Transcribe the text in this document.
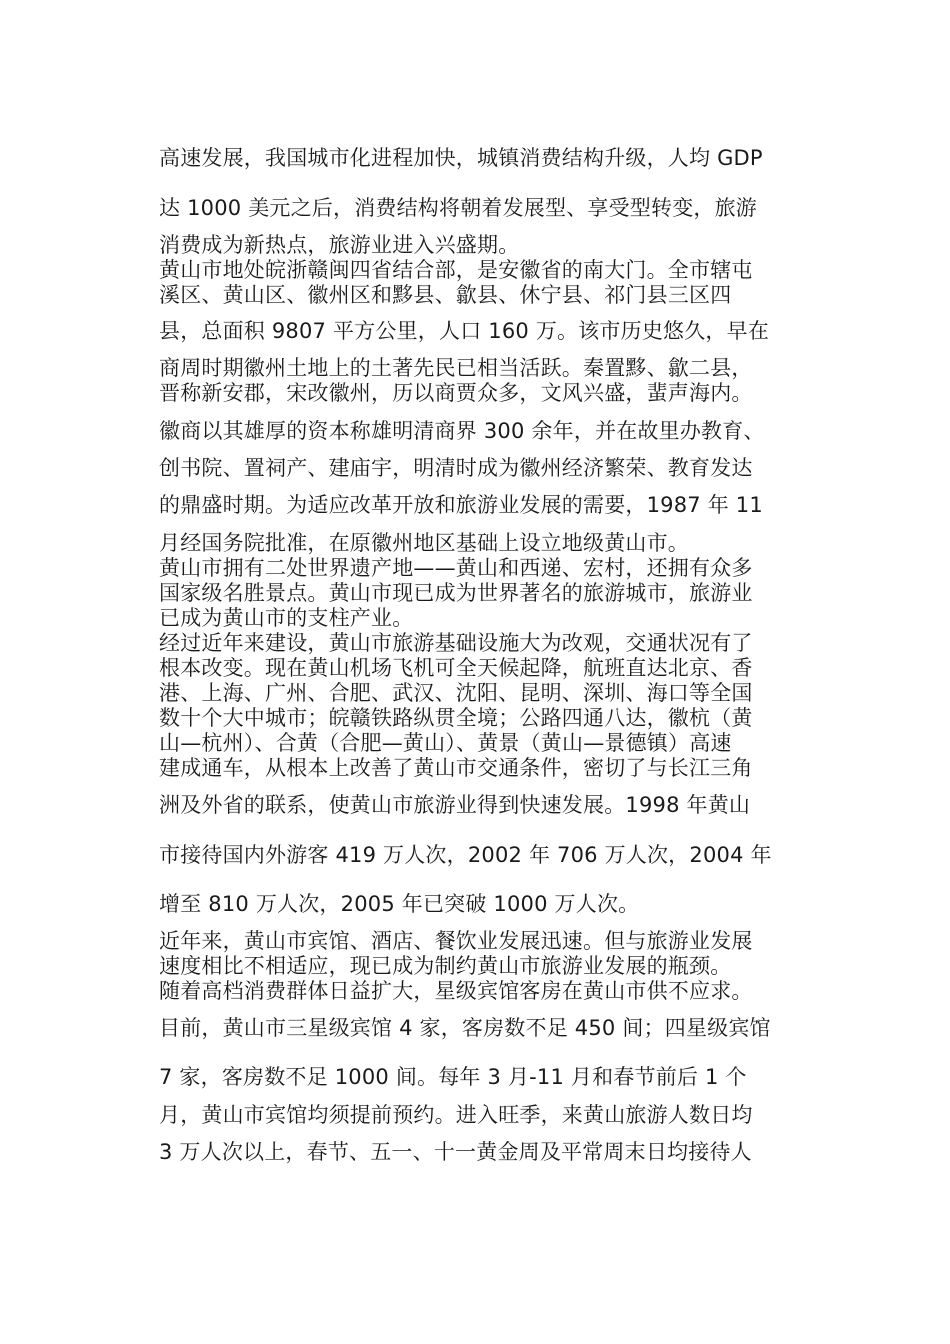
高速发展，我国城市化进程加快，城镇消费结构升级，人均 GDP
达 1000 美元之后，消费结构将朝着发展型、享受型转变，旅游
消费成为新热点，旅游业进入兴盛期。
黄山市地处皖浙赣闽四省结合部，是安徽省的南大门。全市辖屯
溪区、黄山区、徽州区和黟县、歙县、休宁县、祁门县三区四
县，总面积 9807 平方公里，人口 160 万。该市历史悠久，早在
商周时期徽州土地上的土著先民已相当活跃。秦置黟、歙二县，
晋称新安郡，宋改徽州，历以商贾众多，文风兴盛，蜚声海内。
徽商以其雄厚的资本称雄明清商界 300 余年，并在故里办教育、
创书院、置祠产、建庙宇，明清时成为徽州经济繁荣、教育发达
的鼎盛时期。为适应改革开放和旅游业发展的需要，1987 年 11
月经国务院批准，在原徽州地区基础上设立地级黄山市。
黄山市拥有二处世界遗产地——黄山和西递、宏村，还拥有众多
国家级名胜景点。黄山市现已成为世界著名的旅游城市，旅游业
已成为黄山市的支柱产业。
经过近年来建设，黄山市旅游基础设施大为改观，交通状况有了
根本改变。现在黄山机场飞机可全天候起降，航班直达北京、香
港、上海、广州、合肥、武汉、沈阳、昆明、深圳、海口等全国
数十个大中城市；皖赣铁路纵贯全境；公路四通八达，徽杭（黄
山—杭州）、合黄（合肥—黄山）、黄景（黄山—景德镇）高速
建成通车，从根本上改善了黄山市交通条件，密切了与长江三角
洲及外省的联系，使黄山市旅游业得到快速发展。1998 年黄山
市接待国内外游客 419 万人次，2002 年 706 万人次，2004 年
增至 810 万人次，2005 年已突破 1000 万人次。
近年来，黄山市宾馆、酒店、餐饮业发展迅速。但与旅游业发展
速度相比不相适应，现已成为制约黄山市旅游业发展的瓶颈。
随着高档消费群体日益扩大，星级宾馆客房在黄山市供不应求。
目前，黄山市三星级宾馆 4 家，客房数不足 450 间；四星级宾馆
7 家，客房数不足 1000 间。每年 3 月-11 月和春节前后 1 个
月，黄山市宾馆均须提前预约。进入旺季，来黄山旅游人数日均
3 万人次以上，春节、五一、十一黄金周及平常周末日均接待人
